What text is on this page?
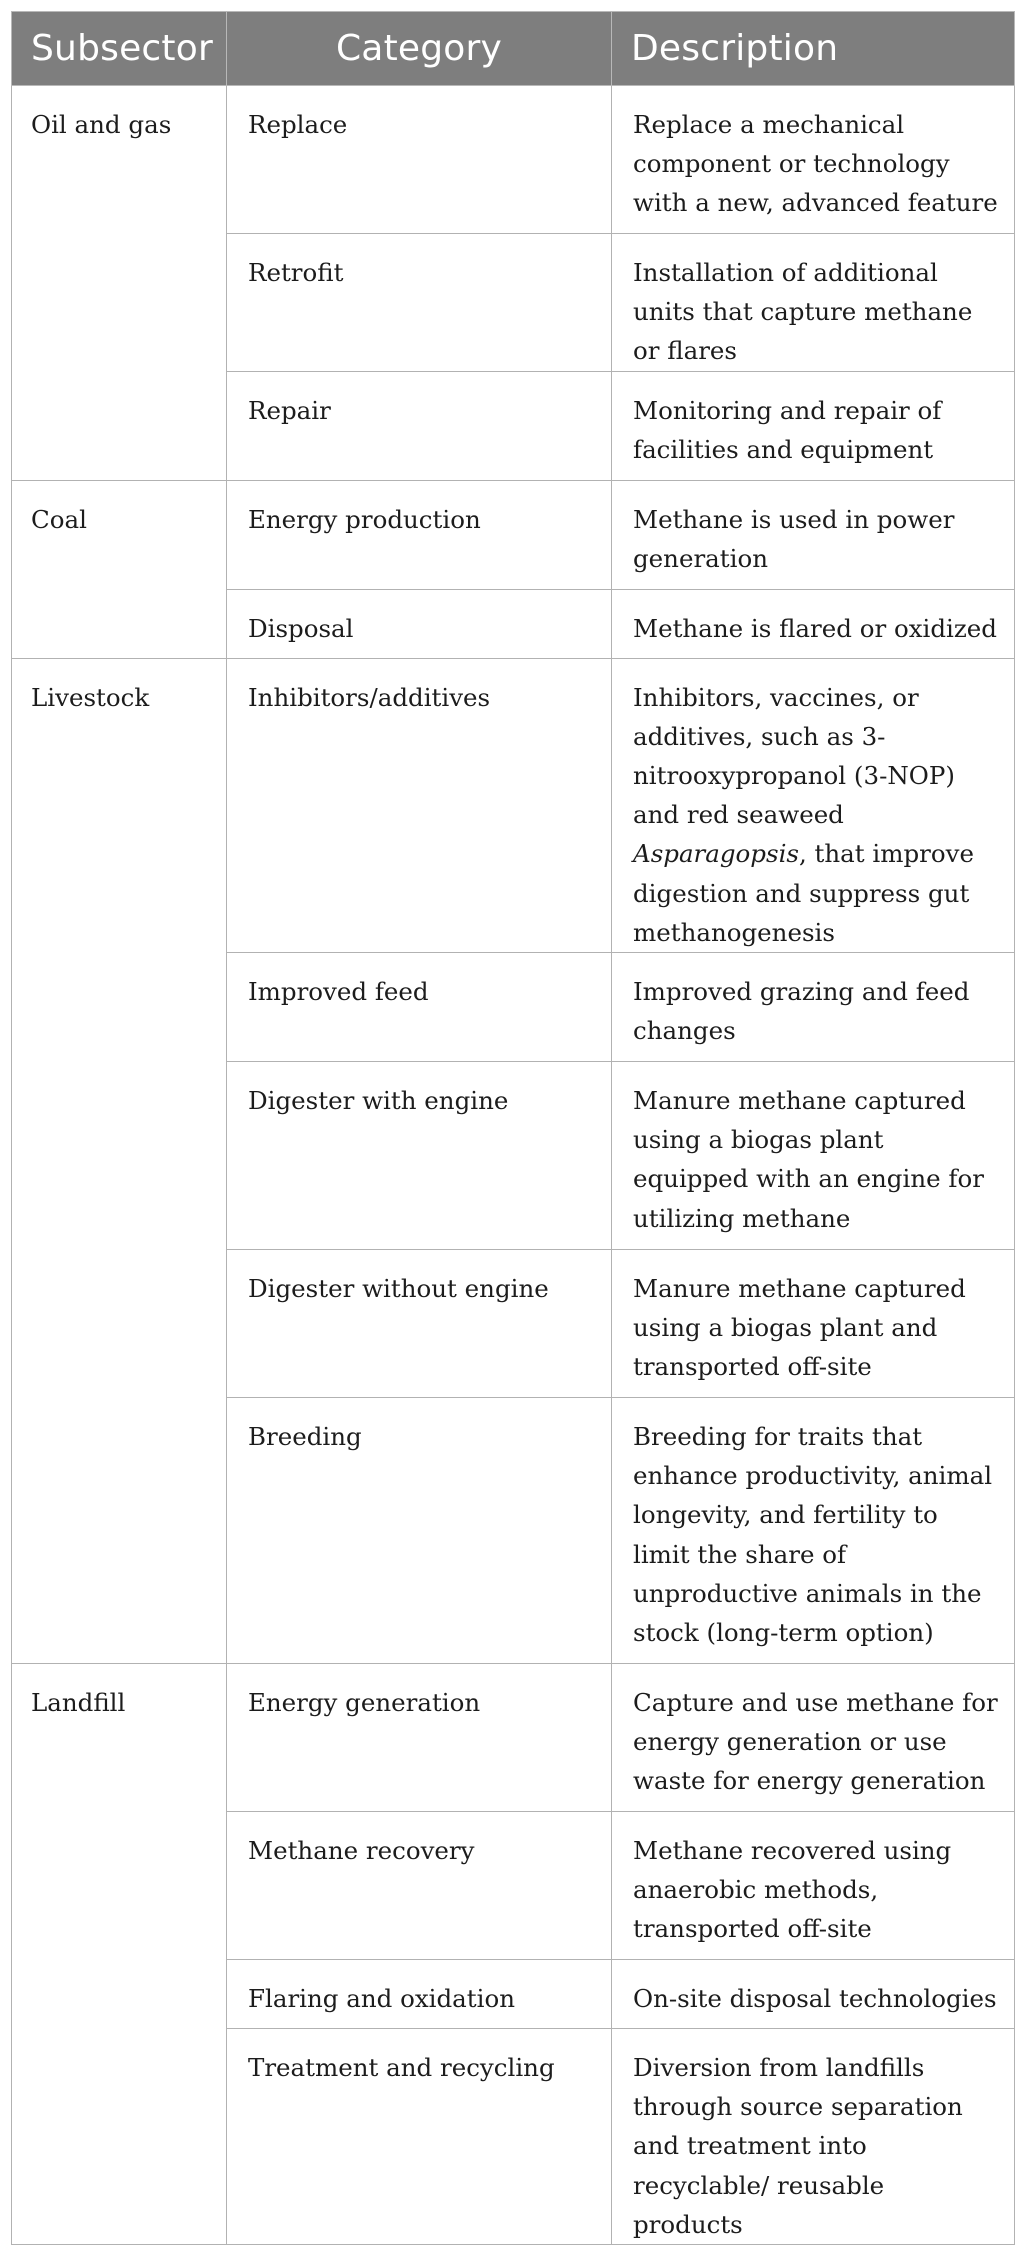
Subsector	Category	Description
Oil and gas	Replace	Replace a mechanical component or technology with a new, advanced feature
	Retrofit	Installation of additional units that capture methane or flares
	Repair	Monitoring and repair of facilities and equipment
Coal	Energy production	Methane is used in power generation
	Disposal	Methane is flared or oxidized
Livestock	Inhibitors/additives	Inhibitors, vaccines, or additives, such as 3-nitrooxypropanol (3-NOP) and red seaweed Asparagopsis, that improve digestion and suppress gut methanogenesis
	Improved feed	Improved grazing and feed changes
	Digester with engine	Manure methane captured using a biogas plant equipped with an engine for utilizing methane
	Digester without engine	Manure methane captured using a biogas plant and transported off-site
	Breeding	Breeding for traits that enhance productivity, animal longevity, and fertility to limit the share of unproductive animals in the stock (long-term option)
Landfill	Energy generation	Capture and use methane for energy generation or use waste for energy generation
	Methane recovery	Methane recovered using anaerobic methods, transported off-site
	Flaring and oxidation	On-site disposal technologies
	Treatment and recycling	Diversion from landfills through source separation and treatment into recyclable/ reusable products
